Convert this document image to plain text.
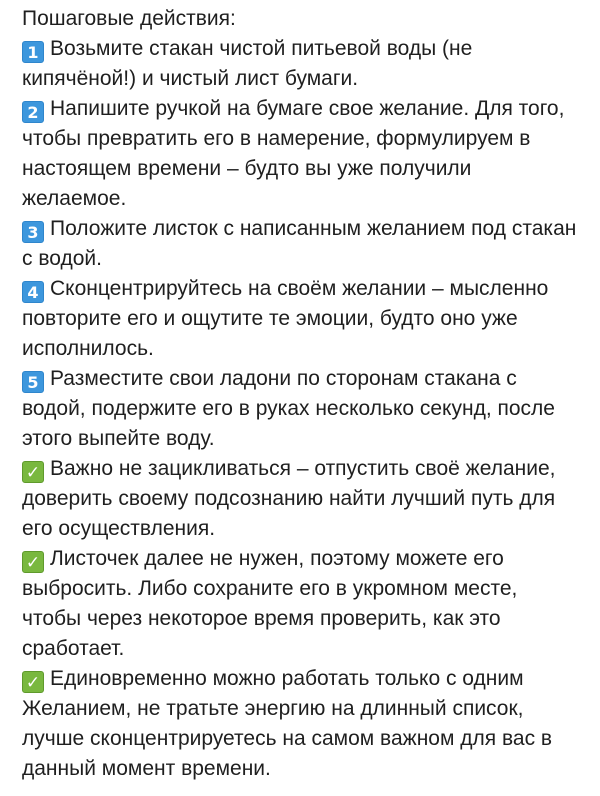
Пошаговые действия:
1 Возьмите стакан чистой питьевой воды (не кипячёной!) и чистый лист бумаги.
2 Напишите ручкой на бумаге свое желание. Для того, чтобы превратить его в намерение, формулируем в настоящем времени – будто вы уже получили желаемое.
3 Положите листок с написанным желанием под стакан с водой.
4 Сконцентрируйтесь на своём желании – мысленно повторите его и ощутите те эмоции, будто оно уже исполнилось.
5 Разместите свои ладони по сторонам стакана с водой, подержите его в руках несколько секунд, после этого выпейте воду.
✓ Важно не зацикливаться – отпустить своё желание, доверить своему подсознанию найти лучший путь для его осуществления.
✓ Листочек далее не нужен, поэтому можете его выбросить. Либо сохраните его в укромном месте, чтобы через некоторое время проверить, как это сработает.
✓ Единовременно можно работать только с одним Желанием, не тратьте энергию на длинный список, лучше сконцентрируетесь на самом важном для вас в данный момент времени.
